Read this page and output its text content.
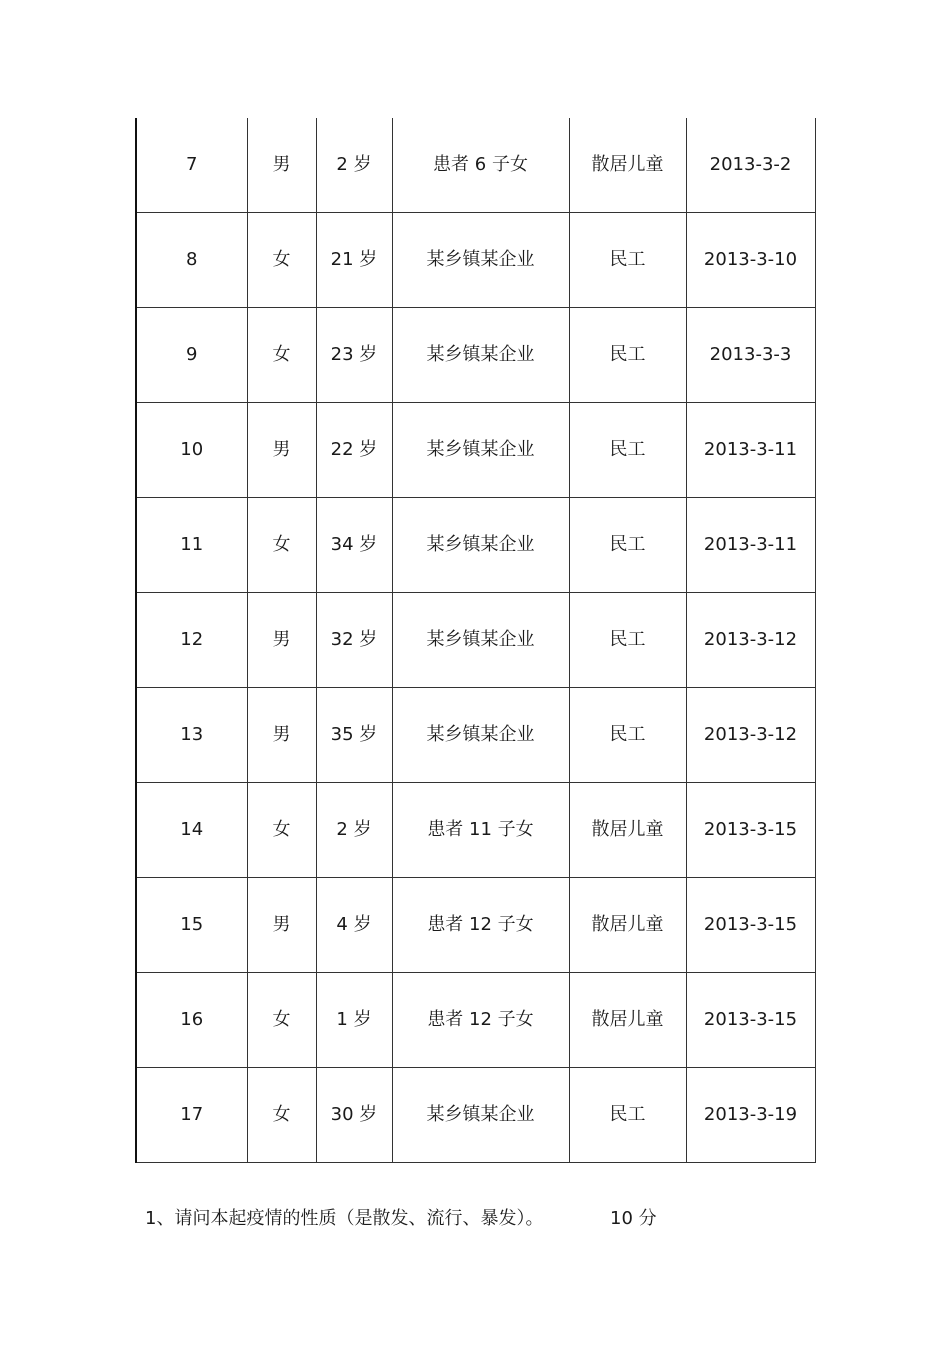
7	男	2 岁	患者 6 子女	散居儿童	2013-3-2
8	女	21 岁	某乡镇某企业	民工	2013-3-10
9	女	23 岁	某乡镇某企业	民工	2013-3-3
10	男	22 岁	某乡镇某企业	民工	2013-3-11
11	女	34 岁	某乡镇某企业	民工	2013-3-11
12	男	32 岁	某乡镇某企业	民工	2013-3-12
13	男	35 岁	某乡镇某企业	民工	2013-3-12
14	女	2 岁	患者 11 子女	散居儿童	2013-3-15
15	男	4 岁	患者 12 子女	散居儿童	2013-3-15
16	女	1 岁	患者 12 子女	散居儿童	2013-3-15
17	女	30 岁	某乡镇某企业	民工	2013-3-19
1、请问本起疫情的性质（是散发、流行、暴发）。	10 分
